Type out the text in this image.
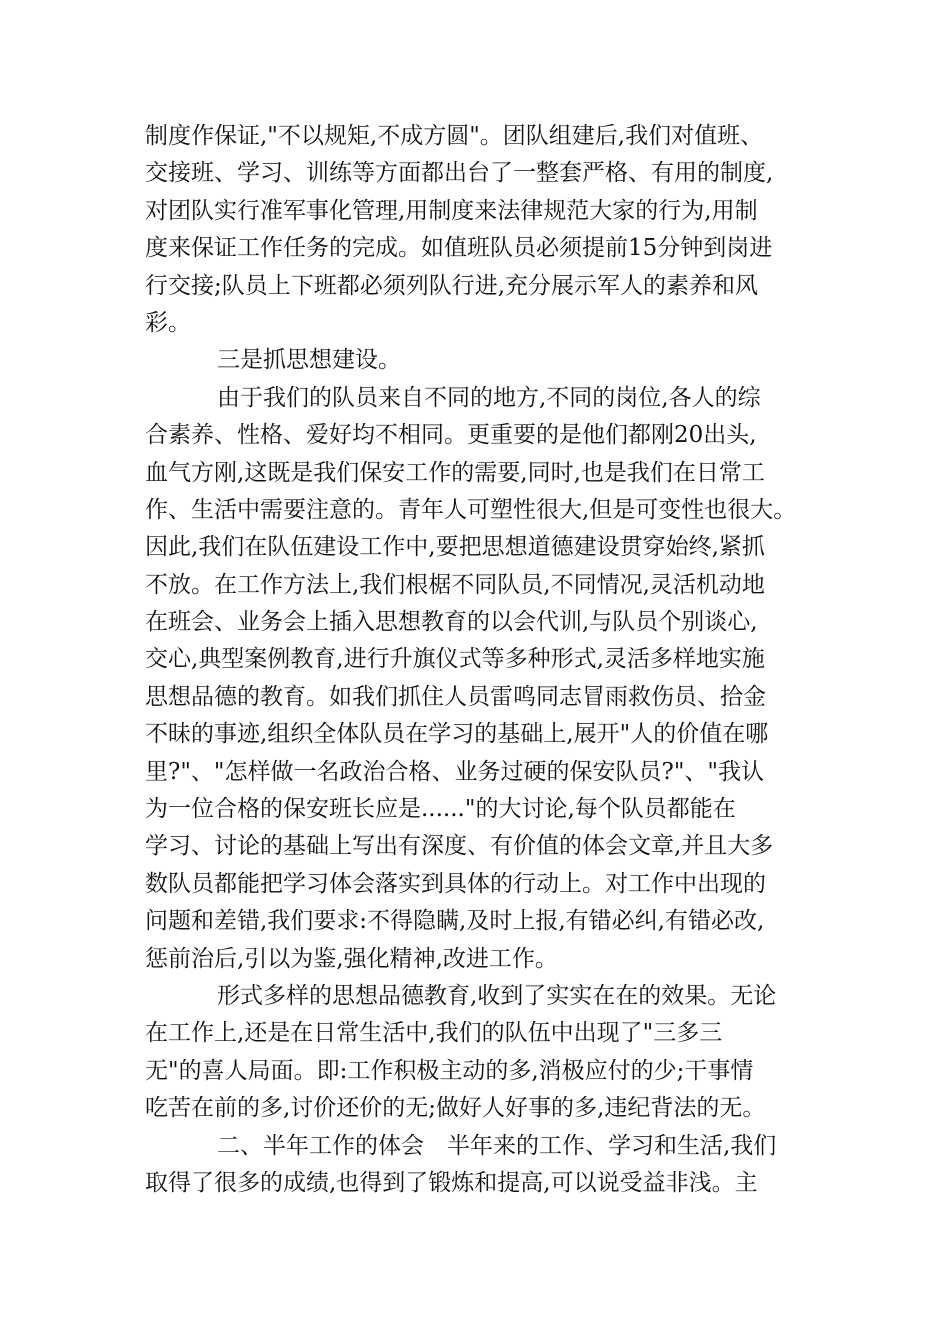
制度作保证,"不以规矩,不成方圆"。团队组建后,我们对值班、
交接班、学习、训练等方面都出台了一整套严格、有用的制度,
对团队实行准军事化管理,用制度来法律规范大家的行为,用制
度来保证工作任务的完成。如值班队员必须提前15分钟到岗进
行交接;队员上下班都必须列队行进,充分展示军人的素养和风
彩。
三是抓思想建设。
由于我们的队员来自不同的地方,不同的岗位,各人的综
合素养、性格、爱好均不相同。更重要的是他们都刚20出头,
血气方刚,这既是我们保安工作的需要,同时,也是我们在日常工
作、生活中需要注意的。青年人可塑性很大,但是可变性也很大。
因此,我们在队伍建设工作中,要把思想道德建设贯穿始终,紧抓
不放。在工作方法上,我们根椐不同队员,不同情况,灵活机动地
在班会、业务会上插入思想教育的以会代训,与队员个别谈心,
交心,典型案例教育,进行升旗仪式等多种形式,灵活多样地实施
思想品德的教育。如我们抓住人员雷鸣同志冒雨救伤员、拾金
不昧的事迹,组织全体队员在学习的基础上,展开"人的价值在哪
里?"、"怎样做一名政治合格、业务过硬的保安队员?"、"我认
为一位合格的保安班长应是......"的大讨论,每个队员都能在
学习、讨论的基础上写出有深度、有价值的体会文章,并且大多
数队员都能把学习体会落实到具体的行动上。对工作中出现的
问题和差错,我们要求:不得隐瞒,及时上报,有错必纠,有错必改,
惩前治后,引以为鉴,强化精神,改进工作。
形式多样的思想品德教育,收到了实实在在的效果。无论
在工作上,还是在日常生活中,我们的队伍中出现了"三多三
无"的喜人局面。即:工作积极主动的多,消极应付的少;干事情
吃苦在前的多,讨价还价的无;做好人好事的多,违纪背法的无。
二、半年工作的体会　半年来的工作、学习和生活,我们
取得了很多的成绩,也得到了锻炼和提高,可以说受益非浅。主
